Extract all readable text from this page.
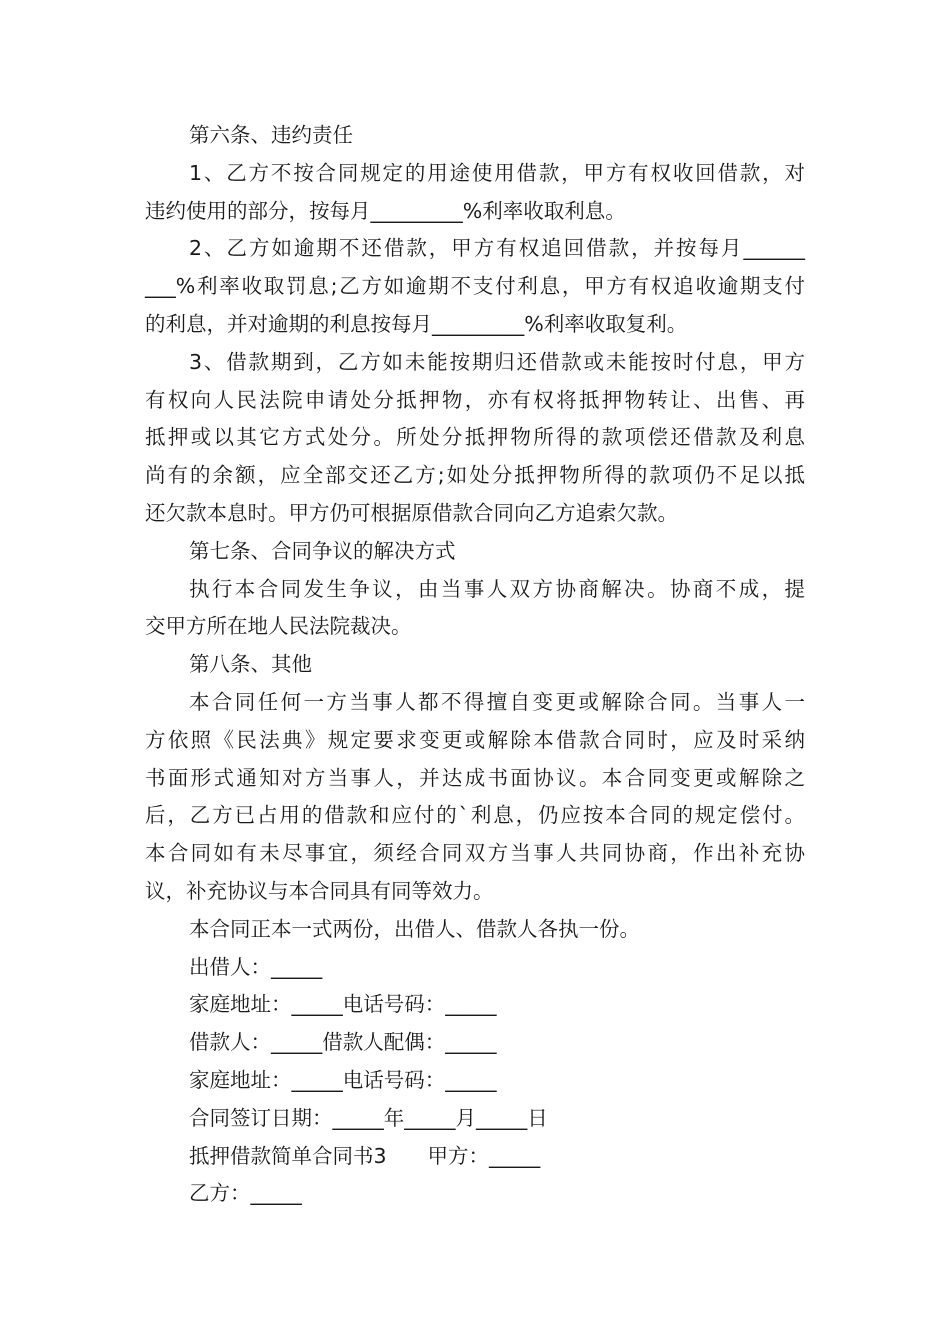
第六条、违约责任
1、乙方不按合同规定的用途使用借款，甲方有权收回借款，对
违约使用的部分，按每月_________%利率收取利息。
2、乙方如逾期不还借款，甲方有权追回借款，并按每月______
___%利率收取罚息;乙方如逾期不支付利息，甲方有权追收逾期支付
的利息，并对逾期的利息按每月_________%利率收取复利。
3、借款期到，乙方如未能按期归还借款或未能按时付息，甲方
有权向人民法院申请处分抵押物，亦有权将抵押物转让、出售、再
抵押或以其它方式处分。所处分抵押物所得的款项偿还借款及利息
尚有的余额，应全部交还乙方;如处分抵押物所得的款项仍不足以抵
还欠款本息时。甲方仍可根据原借款合同向乙方追索欠款。
第七条、合同争议的解决方式
执行本合同发生争议，由当事人双方协商解决。协商不成，提
交甲方所在地人民法院裁决。
第八条、其他
本合同任何一方当事人都不得擅自变更或解除合同。当事人一
方依照《民法典》规定要求变更或解除本借款合同时，应及时采纳
书面形式通知对方当事人，并达成书面协议。本合同变更或解除之
后，乙方已占用的借款和应付的`利息，仍应按本合同的规定偿付。
本合同如有未尽事宜，须经合同双方当事人共同协商，作出补充协
议，补充协议与本合同具有同等效力。
本合同正本一式两份，出借人、借款人各执一份。
出借人：_____
家庭地址：_____电话号码：_____
借款人：_____借款人配偶：_____
家庭地址：_____电话号码：_____
合同签订日期：_____年_____月_____日
抵押借款简单合同书3　　甲方：_____
乙方：_____
